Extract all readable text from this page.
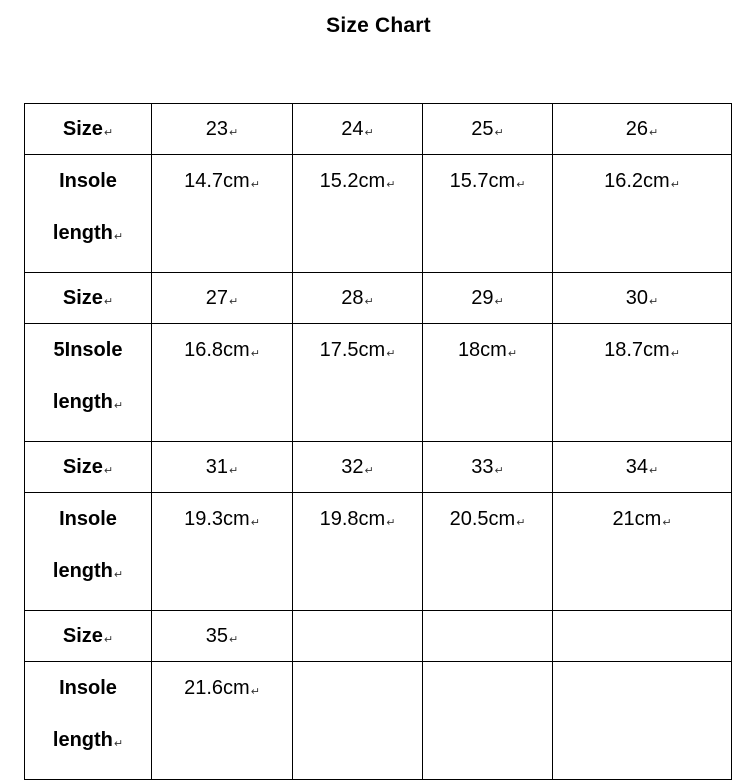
Size Chart
Size↵	23↵	24↵	25↵	26↵

Insole
length↵	14.7cm↵	15.2cm↵	15.7cm↵	16.2cm↵
Size↵	27↵	28↵	29↵	30↵

5Insole
length↵	16.8cm↵	17.5cm↵	18cm↵	18.7cm↵
Size↵	31↵	32↵	33↵	34↵

Insole
length↵	19.3cm↵	19.8cm↵	20.5cm↵	21cm↵
Size↵	35↵			

Insole
length↵	21.6cm↵			
